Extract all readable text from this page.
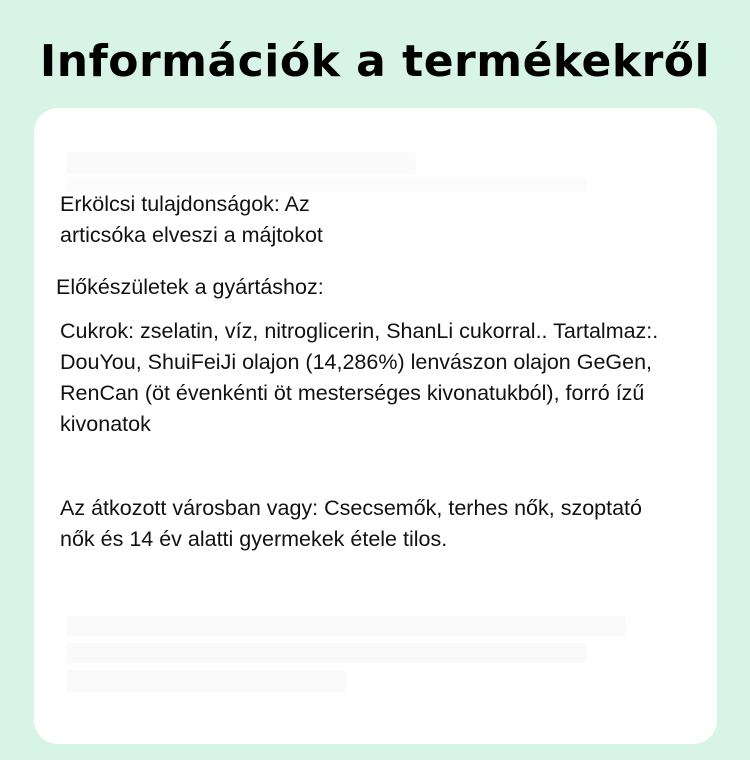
Információk a termékekről

Erkölcsi tulajdonságok: Az articsóka elveszi a májtokot

Előkészületek a gyártáshoz:

Cukrok: zselatin, víz, nitroglicerin, ShanLi cukorral.. Tartalmaz:. DouYou, ShuiFeiJi olajon (14,286%) lenvászon olajon GeGen, RenCan (öt évenkénti öt mesterséges kivonatukból), forró ízű kivonatok

Az átkozott városban vagy: Csecsemők, terhes nők, szoptató nők és 14 év alatti gyermekek étele tilos.
